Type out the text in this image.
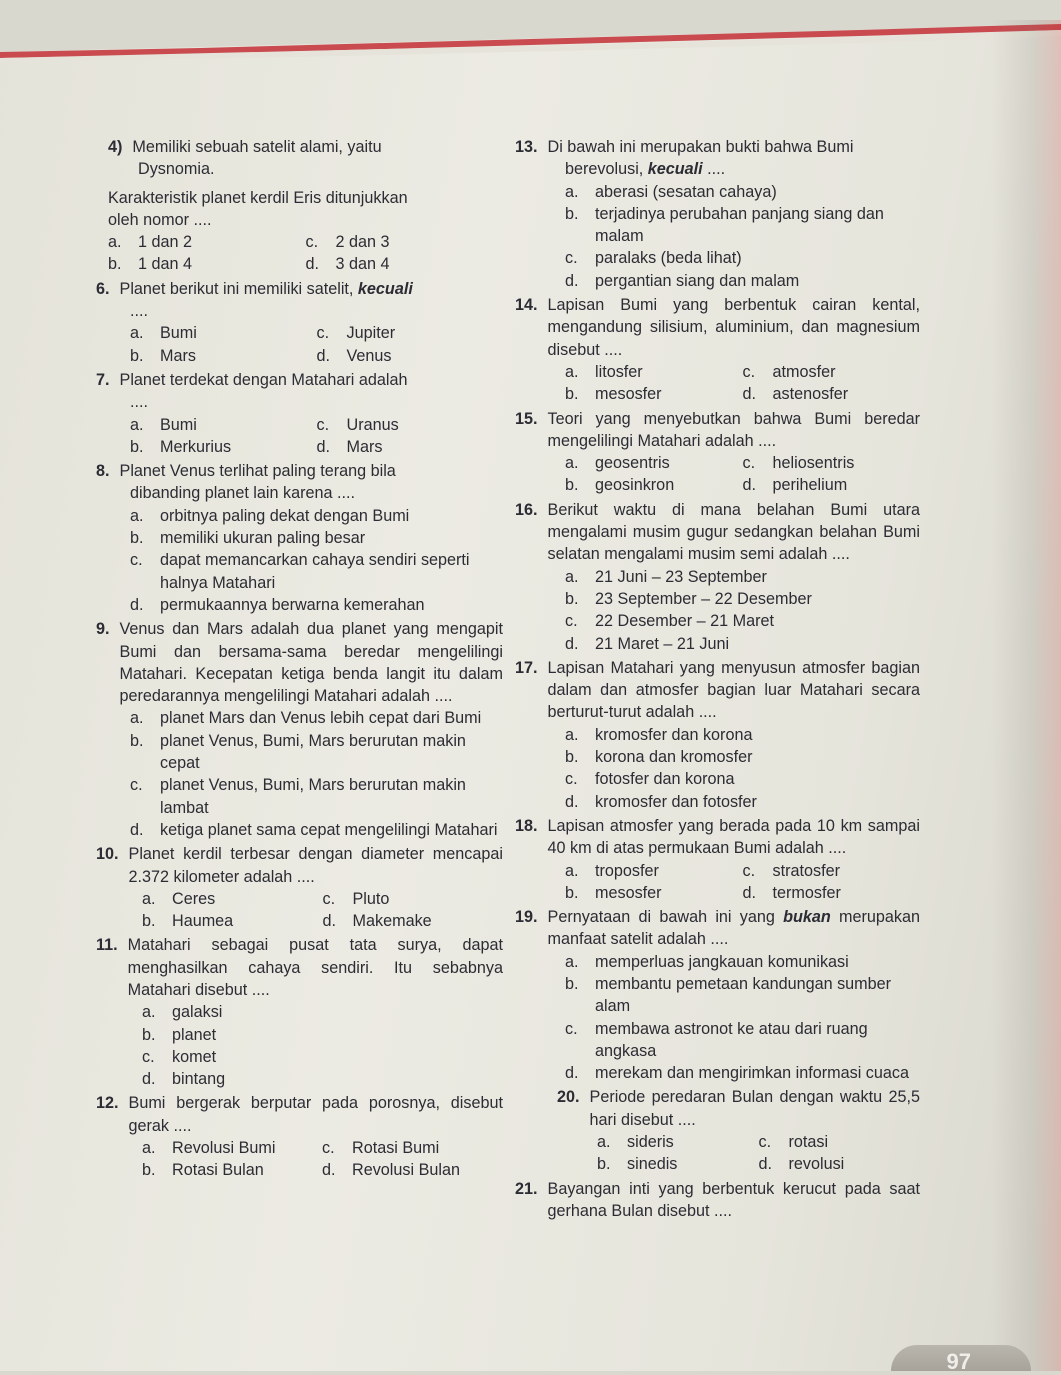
4) Memiliki sebuah satelit alami, yaitu
Dysnomia.
Karakteristik planet kerdil Eris ditunjukkan
oleh nomor ....
a.	1 dan 2	c.	2 dan 3
b.	1 dan 4	d.	3 dan 4
6. Planet berikut ini memiliki satelit, kecuali
....
a.	Bumi	c.	Jupiter
b.	Mars	d.	Venus
7. Planet terdekat dengan Matahari adalah
....
a.	Bumi	c.	Uranus
b.	Merkurius	d.	Mars
8. Planet Venus terlihat paling terang bila
dibanding planet lain karena ....
a.	orbitnya paling dekat dengan Bumi
b.	memiliki ukuran paling besar
c.	dapat memancarkan cahaya sendiri seperti halnya Matahari
d.	permukaannya berwarna kemerahan
9. Venus dan Mars adalah dua planet yang mengapit Bumi dan bersama-sama beredar mengelilingi Matahari. Kecepatan ketiga benda langit itu dalam peredarannya mengelilingi Matahari adalah ....
a.	planet Mars dan Venus lebih cepat dari Bumi
b.	planet Venus, Bumi, Mars berurutan makin cepat
c.	planet Venus, Bumi, Mars berurutan makin lambat
d.	ketiga planet sama cepat mengelilingi Matahari
10. Planet kerdil terbesar dengan diameter mencapai 2.372 kilometer adalah ....
a.	Ceres	c.	Pluto
b.	Haumea	d.	Makemake
11. Matahari sebagai pusat tata surya, dapat menghasilkan cahaya sendiri. Itu sebabnya Matahari disebut ....
a.	galaksi
b.	planet
c.	komet
d.	bintang
12. Bumi bergerak berputar pada porosnya, disebut gerak ....
a.	Revolusi Bumi	c.	Rotasi Bumi
b.	Rotasi Bulan	d.	Revolusi Bulan
13. Di bawah ini merupakan bukti bahwa Bumi
berevolusi, kecuali ....
a.	aberasi (sesatan cahaya)
b.	terjadinya perubahan panjang siang dan malam
c.	paralaks (beda lihat)
d.	pergantian siang dan malam
14. Lapisan Bumi yang berbentuk cairan kental, mengandung silisium, aluminium, dan magnesium disebut ....
a.	litosfer	c.	atmosfer
b.	mesosfer	d.	astenosfer
15. Teori yang menyebutkan bahwa Bumi beredar mengelilingi Matahari adalah ....
a.	geosentris	c.	heliosentris
b.	geosinkron	d.	perihelium
16. Berikut waktu di mana belahan Bumi utara mengalami musim gugur sedangkan belahan Bumi selatan mengalami musim semi adalah ....
a.	21 Juni – 23 September
b.	23 September – 22 Desember
c.	22 Desember – 21 Maret
d.	21 Maret – 21 Juni
17. Lapisan Matahari yang menyusun atmosfer bagian dalam dan atmosfer bagian luar Matahari secara berturut-turut adalah ....
a.	kromosfer dan korona
b.	korona dan kromosfer
c.	fotosfer dan korona
d.	kromosfer dan fotosfer
18. Lapisan atmosfer yang berada pada 10 km sampai 40 km di atas permukaan Bumi adalah ....
a.	troposfer	c.	stratosfer
b.	mesosfer	d.	termosfer
19. Pernyataan di bawah ini yang bukan merupakan manfaat satelit adalah ....
a.	memperluas jangkauan komunikasi
b.	membantu pemetaan kandungan sumber alam
c.	membawa astronot ke atau dari ruang angkasa
d.	merekam dan mengirimkan informasi cuaca
20. Periode peredaran Bulan dengan waktu 25,5 hari disebut ....
a.	sideris	c.	rotasi
b.	sinedis	d.	revolusi
21. Bayangan inti yang berbentuk kerucut pada saat gerhana Bulan disebut ....
97
